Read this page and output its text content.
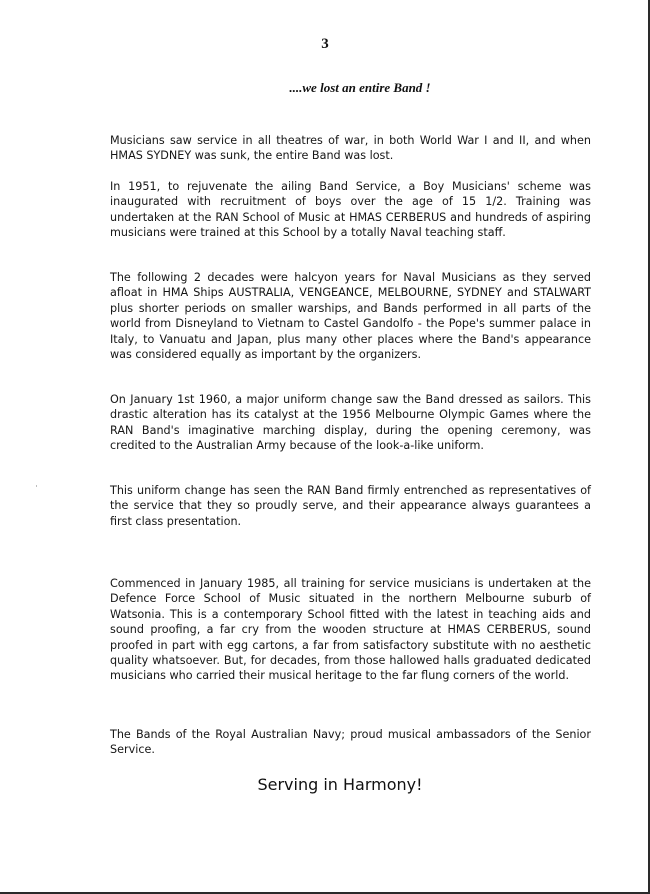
3

....we lost an entire Band !

Musicians saw service in all theatres of war, in both World War I and II, and when HMAS SYDNEY was sunk, the entire Band was lost.

In 1951, to rejuvenate the ailing Band Service, a Boy Musicians' scheme was inaugurated with recruitment of boys over the age of 15 1/2. Training was undertaken at the RAN School of Music at HMAS CERBERUS and hundreds of aspiring musicians were trained at this School by a totally Naval teaching staff.

The following 2 decades were halcyon years for Naval Musicians as they served afloat in HMA Ships AUSTRALIA, VENGEANCE, MELBOURNE, SYDNEY and STALWART plus shorter periods on smaller warships, and Bands performed in all parts of the world from Disneyland to Vietnam to Castel Gandolfo - the Pope's summer palace in Italy, to Vanuatu and Japan, plus many other places where the Band's appearance was considered equally as important by the organizers.

On January 1st 1960, a major uniform change saw the Band dressed as sailors. This drastic alteration has its catalyst at the 1956 Melbourne Olympic Games where the RAN Band's imaginative marching display, during the opening ceremony, was credited to the Australian Army because of the look-a-like uniform.

This uniform change has seen the RAN Band firmly entrenched as representatives of the service that they so proudly serve, and their appearance always guarantees a first class presentation.

Commenced in January 1985, all training for service musicians is undertaken at the Defence Force School of Music situated in the northern Melbourne suburb of Watsonia. This is a contemporary School fitted with the latest in teaching aids and sound proofing, a far cry from the wooden structure at HMAS CERBERUS, sound proofed in part with egg cartons, a far from satisfactory substitute with no aesthetic quality whatsoever. But, for decades, from those hallowed halls graduated dedicated musicians who carried their musical heritage to the far flung corners of the world.

The Bands of the Royal Australian Navy; proud musical ambassadors of the Senior Service.

Serving in Harmony!
